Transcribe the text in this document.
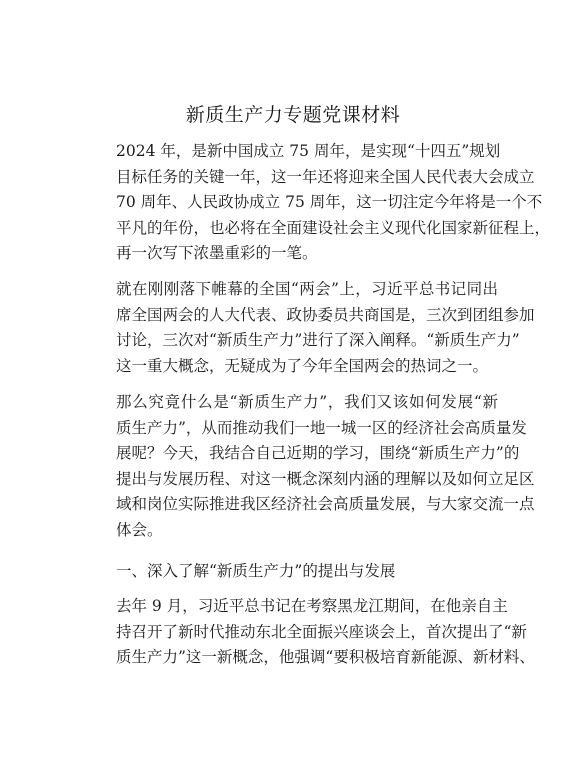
新质生产力专题党课材料
2024 年，是新中国成立 75 周年，是实现“十四五”规划
目标任务的关键一年，这一年还将迎来全国人民代表大会成立
70 周年、人民政协成立 75 周年，这一切注定今年将是一个不
平凡的年份，也必将在全面建设社会主义现代化国家新征程上，
再一次写下浓墨重彩的一笔。
就在刚刚落下帷幕的全国“两会”上，习近平总书记同出
席全国两会的人大代表、政协委员共商国是，三次到团组参加
讨论，三次对“新质生产力”进行了深入阐释。“新质生产力”
这一重大概念，无疑成为了今年全国两会的热词之一。
那么究竟什么是“新质生产力”，我们又该如何发展“新
质生产力”，从而推动我们一地一城一区的经济社会高质量发
展呢？今天，我结合自己近期的学习，围绕“新质生产力”的
提出与发展历程、对这一概念深刻内涵的理解以及如何立足区
域和岗位实际推进我区经济社会高质量发展，与大家交流一点
体会。
一、深入了解“新质生产力”的提出与发展
去年 9 月，习近平总书记在考察黑龙江期间，在他亲自主
持召开了新时代推动东北全面振兴座谈会上，首次提出了“新
质生产力”这一新概念，他强调“要积极培育新能源、新材料、
